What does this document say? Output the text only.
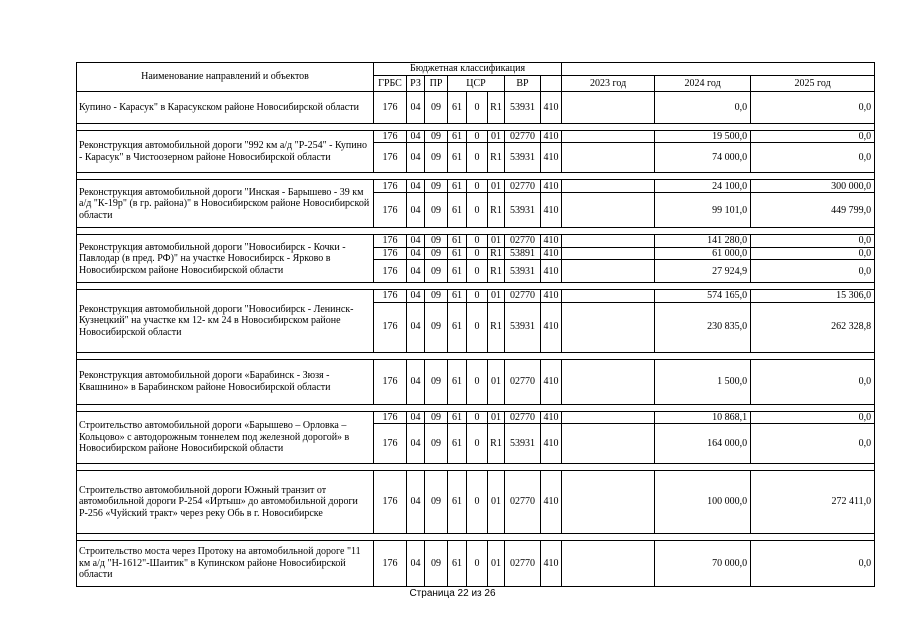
Наименование направлений и объектов	Бюджетная классификация											
	ГРБС	РЗ	ПР	ЦСР			ВР		2023 год	2024 год	2025 год	
Купино - Карасук" в Карасукском районе Новосибирской области	176	04	09	61	0	R1	53931	410		0,0	0,0	

Реконструкция автомобильной дороги "992 км а/д "Р-254" - Купино - Карасук" в Чистоозерном районе Новосибирской области	176	04	09	61	0	01	02770	410		19 500,0	0,0	
	176	04	09	61	0	R1	53931	410		74 000,0	0,0	

Реконструкция автомобильной дороги "Инская - Барышево - 39 км а/д "К-19р" (в гр. района)" в Новосибирском районе Новосибирской области	176	04	09	61	0	01	02770	410		24 100,0	300 000,0	
	176	04	09	61	0	R1	53931	410		99 101,0	449 799,0	

Реконструкция автомобильной дороги "Новосибирск - Кочки - Павлодар (в пред. РФ)" на участке Новосибирск - Ярково в Новосибирском районе Новосибирской области	176	04	09	61	0	01	02770	410		141 280,0	0,0	
	176	04	09	61	0	R1	53891	410		61 000,0	0,0	
	176	04	09	61	0	R1	53931	410		27 924,9	0,0	

Реконструкция автомобильной дороги "Новосибирск - Ленинск-Кузнецкий" на участке км 12- км 24 в Новосибирском районе Новосибирской области	176	04	09	61	0	01	02770	410		574 165,0	15 306,0	
	176	04	09	61	0	R1	53931	410		230 835,0	262 328,8	

Реконструкция автомобильной дороги «Барабинск - Зюзя - Квашнино» в Барабинском районе Новосибирской области	176	04	09	61	0	01	02770	410		1 500,0	0,0	

Строительство автомобильной дороги «Барышево – Орловка – Кольцово» с автодорожным тоннелем под железной дорогой» в Новосибирском районе Новосибирской области	176	04	09	61	0	01	02770	410		10 868,1	0,0	
	176	04	09	61	0	R1	53931	410		164 000,0	0,0	

Строительство автомобильной дороги Южный транзит от автомобильной дороги Р-254 «Иртыш» до автомобильной дороги Р-256 «Чуйский тракт» через реку Обь в г. Новосибирске	176	04	09	61	0	01	02770	410		100 000,0	272 411,0	

Строительство моста через Протоку на автомобильной дороге "11 км а/д "Н-1612"-Шаитик" в Купинском районе Новосибирской области	176	04	09	61	0	01	02770	410		70 000,0	0,0	
Страница 22 из 26
